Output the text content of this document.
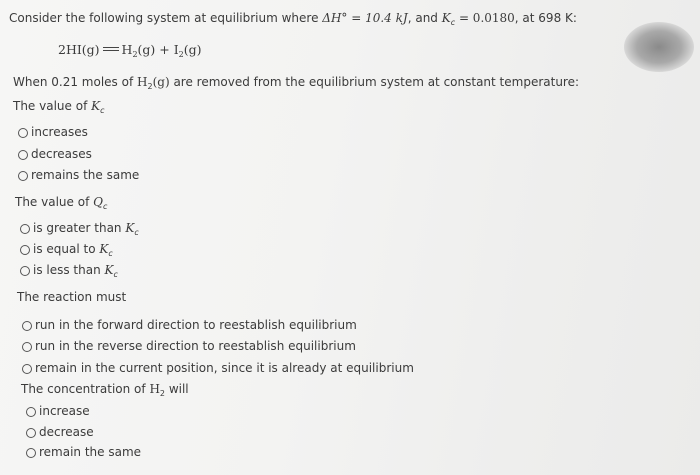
Consider the following system at equilibrium where ΔH° = 10.4 kJ, and $K_c = 0.0180$, at 698 K:
2HI(g) $H_2(g) + I_2(g)$
When 0.21 moles of $H_2(g)$ are removed from the equilibrium system at constant temperature:
The value of $K_c$
increases
decreases
remains the same
The value of $Q_c$
is greater than $K_c$
is equal to $K_c$
is less than $K_c$
The reaction must
run in the forward direction to reestablish equilibrium
run in the reverse direction to reestablish equilibrium
remain in the current position, since it is already at equilibrium
The concentration of $H_2$ will
increase
decrease
remain the same
